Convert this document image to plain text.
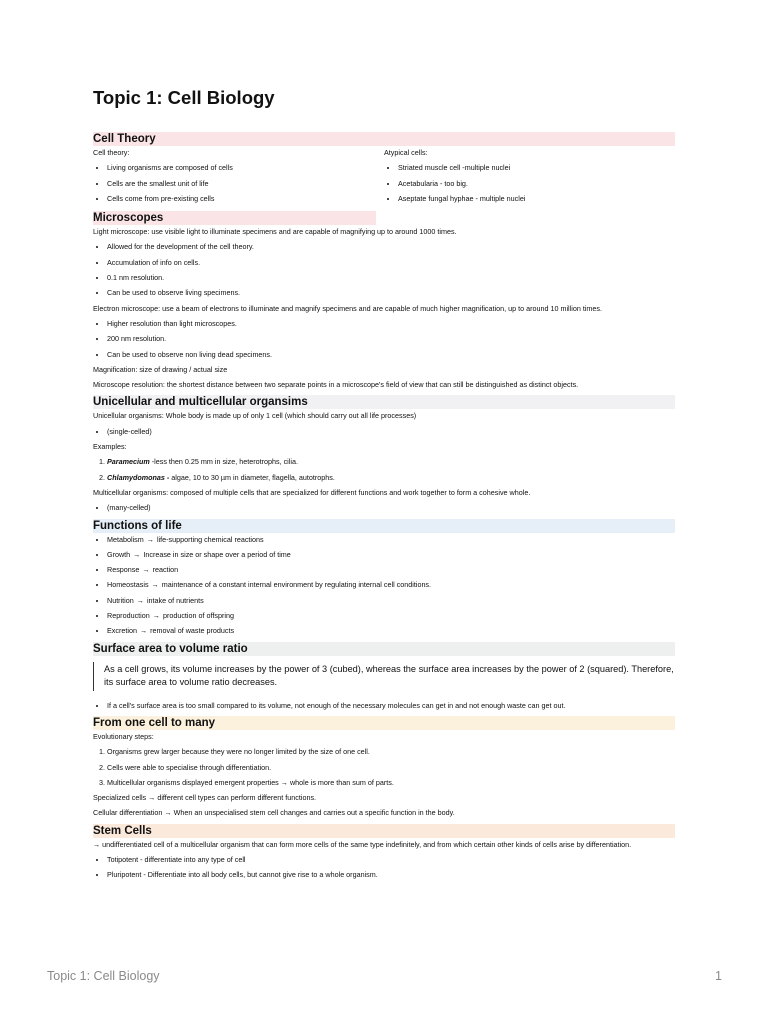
Topic 1: Cell Biology
Cell Theory

Cell theory:

• Living organisms are composed of cells
• Cells are the smallest unit of life
• Cells come from pre-existing cells

Atypical cells:

• Striated muscle cell -multiple nuclei
• Acetabularia - too big.
• Aseptate fungal hyphae - multiple nuclei
Microscopes

Light microscope: use visible light to illuminate specimens and are capable of magnifying up to around 1000 times.

• Allowed for the development of the cell theory.
• Accumulation of info on cells.
• 0.1 nm resolution.
• Can be used to observe living specimens.

Electron microscope: use a beam of electrons to illuminate and magnify specimens and are capable of much higher magnification, up to around 10 million times.

• Higher resolution than light microscopes.
• 200 nm resolution.
• Can be used to observe non living dead specimens.

Magnification: size of drawing / actual size

Microscope resolution: the shortest distance between two separate points in a microscope's field of view that can still be distinguished as distinct objects.

Unicellular and multicellular organsims

Unicellular organisms: Whole body is made up of only 1 cell (which should carry out all life processes)

• (single-celled)

Examples:

1. Paramecium -less then 0.25 mm in size, heterotrophs, cilia.
2. Chlamydomonas - algae, 10 to 30 µm in diameter, flagella, autotrophs.

Multicellular organisms: composed of multiple cells that are specialized for different functions and work together to form a cohesive whole.

• (many-celled)
Functions of life
• Metabolism → life-supporting chemical reactions
• Growth → Increase in size or shape over a period of time
• Response → reaction
• Homeostasis → maintenance of a constant internal environment by regulating internal cell conditions.
• Nutrition → intake of nutrients
• Reproduction → production of offspring
• Excretion → removal of waste products
Surface area to volume ratio
As a cell grows, its volume increases by the power of 3 (cubed), whereas the surface area increases by the power of 2 (squared). Therefore, its surface area to volume ratio decreases.
• If a cell's surface area is too small compared to its volume, not enough of the necessary molecules can get in and not enough waste can get out.
From one cell to many

Evolutionary steps:

1. Organisms grew larger because they were no longer limited by the size of one cell.
2. Cells were able to specialise through differentiation.
3. Multicellular organisms displayed emergent properties → whole is more than sum of parts.

Specialized cells → different cell types can perform different functions.

Cellular differentiation → When an unspecialised stem cell changes and carries out a specific function in the body.

Stem Cells

→ undifferentiated cell of a multicellular organism that can form more cells of the same type indefinitely, and from which certain other kinds of cells arise by differentiation.

• Totipotent - differentiate into any type of cell
• Pluripotent - Differentiate into all body cells, but cannot give rise to a whole organism.
Topic 1: Cell Biology	1
